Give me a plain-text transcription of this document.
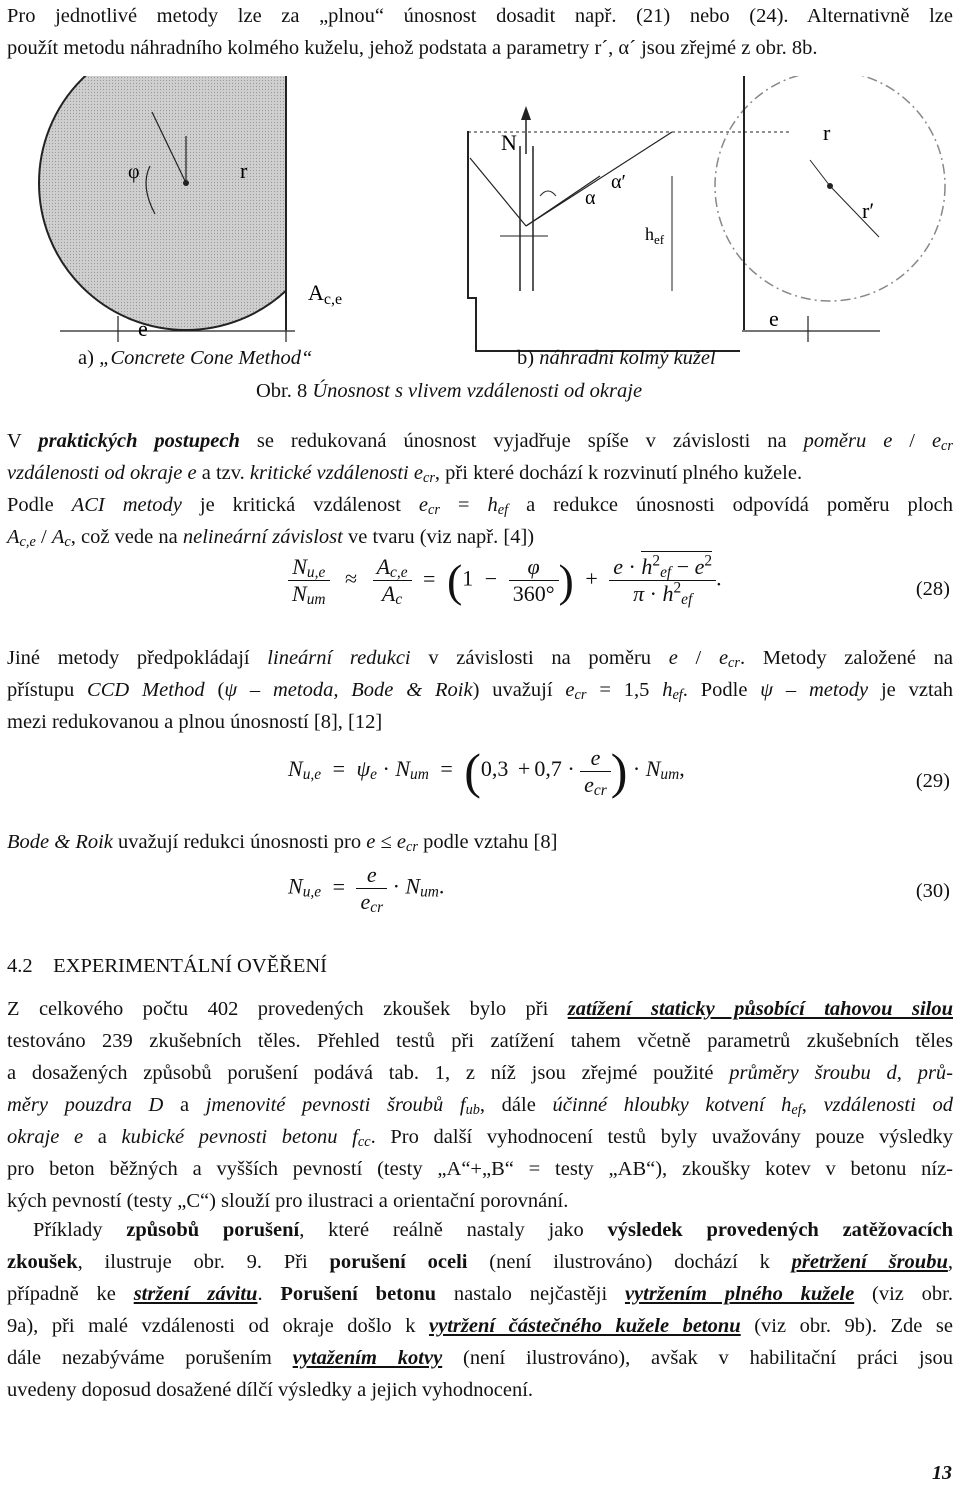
Pro jednotlivé metody lze za „plnou“ únosnost dosadit např. (21) nebo (24). Alternativně lze
použít metodu náhradního kolmého kuželu, jehož podstata a parametry r´, α´ jsou zřejmé z obr. 8b.
φ	r
Ac,e
e
N
α
α′
$h_{ef}$
r
r′
e
a) „Concrete Cone Method“	b) náhradní kolmý kužel
Obr. 8 Únosnost s vlivem vzdálenosti od okraje
V praktických postupech se redukovaná únosnost vyjadřuje spíše v závislosti na poměru e / $e_{cr}$
vzdálenosti od okraje e a tzv. kritické vzdálenosti $e_{cr}$, při které dochází k rozvinutí plného kužele.
Podle ACI metody je kritická vzdálenost $e_{cr} = h_{ef}$ a redukce únosnosti odpovídá poměru ploch
$A_{c,e} / A_c$, což vede na nelineární závislost ve tvaru (viz např. [4])
$\frac{N_{u,e}}{N_{um}} \approx \frac{A_{c,e}}{A_c} = (1 - \frac{\varphi}{360^\circ}$ ) + $\frac{e \cdot h^2_{ef} - e^2}{\pi \cdot h^2_{ef}}$ .	(28)
Jiné metody předpokládají lineární redukci v závislosti na poměru e / $e_{cr}$. Metody založené na
přístupu CCD Method (ψ – metoda, Bode & Roik) uvažují $e_{cr} = 1,5$ $h_{ef}$. Podle ψ – metody je vztah
mezi redukovanou a plnou únosností [8], [12]
$N_{u,e} = \psi_e \cdot N_{um} = (0,3 + 0,7 \cdot \frac{e}{e_{cr}}$ ) · $N_{um}$,	(29)
Bode & Roik uvažují redukci únosnosti pro $e \le e_{cr}$ podle vztahu [8]
$N_{u,e} = \frac{e}{e_{cr}} \cdot N_{um}$.	(30)
4.2    EXPERIMENTÁLNÍ OVĚŘENÍ
Z celkového počtu 402 provedených zkoušek bylo při zatížení staticky působící tahovou silou
testováno 239 zkušebních těles. Přehled testů při zatížení tahem včetně parametrů zkušebních těles
a dosažených způsobů porušení podává tab. 1, z níž jsou zřejmé použité průměry šroubu d, prů-
měry pouzdra D a jmenovité pevnosti šroubů $f_{ub}$, dále účinné hloubky kotvení $h_{ef}$, vzdálenosti od
okraje e a kubické pevnosti betonu $f_{cc}$. Pro další vyhodnocení testů byly uvažovány pouze výsledky
pro beton běžných a vyšších pevností (testy „A“+„B“ = testy „AB“), zkoušky kotev v betonu níz-
kých pevností (testy „C“) slouží pro ilustraci a orientační porovnání.
Příklady způsobů porušení, které reálně nastaly jako výsledek provedených zatěžovacích
zkoušek, ilustruje obr. 9. Při porušení oceli (není ilustrováno) dochází k přetržení šroubu,
případně ke stržení závitu. Porušení betonu nastalo nejčastěji vytržením plného kužele (viz obr.
9a), při malé vzdálenosti od okraje došlo k vytržení částečného kužele betonu (viz obr. 9b). Zde se
dále nezabýváme porušením vytažením kotvy (není ilustrováno), avšak v habilitační práci jsou
uvedeny doposud dosažené dílčí výsledky a jejich vyhodnocení.
13
